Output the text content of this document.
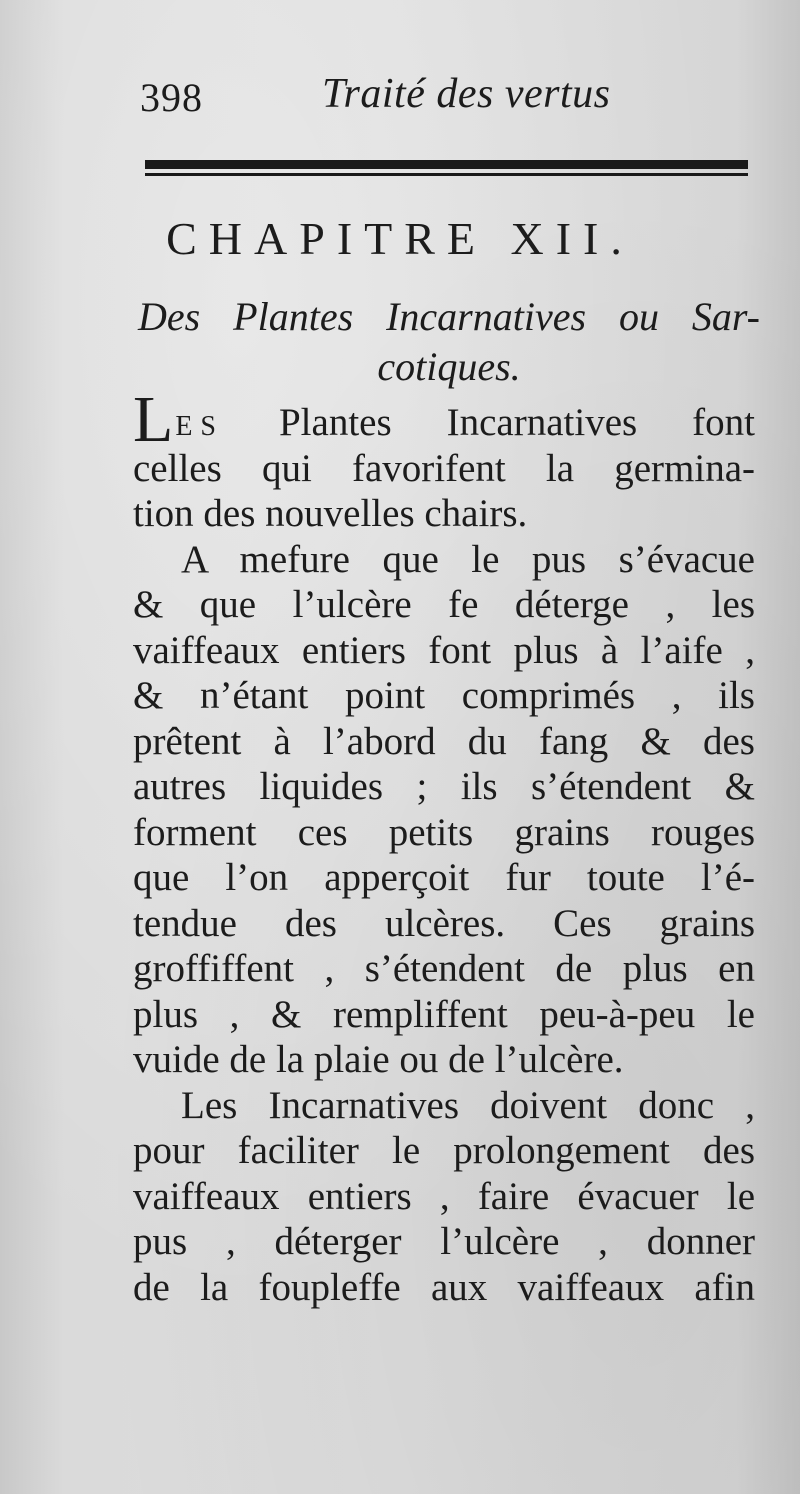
398	Traité des vertus
CHAPITRE XII.
Des Plantes Incarnatives ou Sar-
cotiques.
LES Plantes Incarnatives font
celles qui favorifent la germina-
tion des nouvelles chairs.
A mefure que le pus s’évacue
& que l’ulcère fe déterge , les
vaiffeaux entiers font plus à l’aife ,
& n’étant point comprimés , ils
prêtent à l’abord du fang & des
autres liquides ; ils s’étendent &
forment ces petits grains rouges
que l’on apperçoit fur toute l’é-
tendue des ulcères. Ces grains
groffiffent , s’étendent de plus en
plus , & rempliffent peu-à-peu le
vuide de la plaie ou de l’ulcère.
Les Incarnatives doivent donc ,
pour faciliter le prolongement des
vaiffeaux entiers , faire évacuer le
pus , déterger l’ulcère , donner
de la foupleffe aux vaiffeaux afin
